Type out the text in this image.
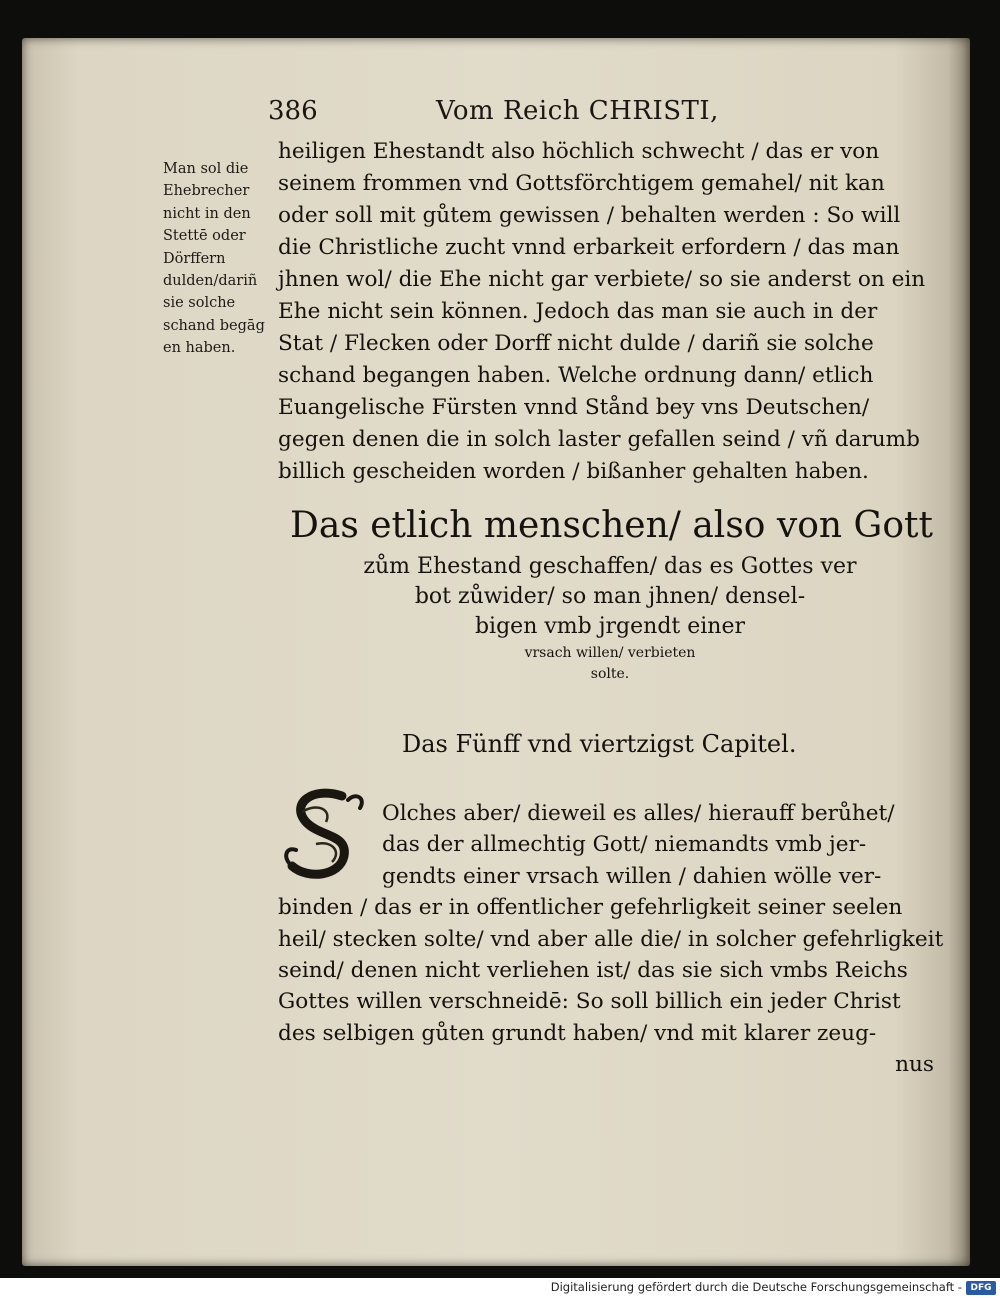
386	Vom Reich CHRISTI,
Man sol die
Ehebrecher
nicht in den
Stettē oder
Dörffern
dulden/dariñ
sie solche
schand begāg
en haben.
heiligen Ehestandt also höchlich schwecht / das er von
seinem frommen vnd Gottsförchtigem gemahel/ nit kan
oder soll mit gůtem gewissen / behalten werden : So will
die Christliche zucht vnnd erbarkeit erfordern / das man
jhnen wol/ die Ehe nicht gar verbiete/ so sie anderst on ein
Ehe nicht sein können. Jedoch das man sie auch in der
Stat / Flecken oder Dorff nicht dulde / dariñ sie solche
schand begangen haben. Welche ordnung dann/ etlich
Euangelische Fürsten vnnd Stånd bey vns Deutschen/
gegen denen die in solch laster gefallen seind / vñ darumb
billich gescheiden worden / bißanher gehalten haben.
Das etlich menschen/ also von Gott
zům Ehestand geschaffen/ das es Gottes ver
bot zůwider/ so man jhnen/ densel-
bigen vmb jrgendt einer
vrsach willen/ verbieten
solte.
Das Fünff vnd viertzigst Capitel.
S
Olches aber/ dieweil es alles/ hierauff berůhet/
das der allmechtig Gott/ niemandts vmb jer-
gendts einer vrsach willen / dahien wölle ver-
binden / das er in offentlicher gefehrligkeit seiner seelen
heil/ stecken solte/ vnd aber alle die/ in solcher gefehrligkeit
seind/ denen nicht verliehen ist/ das sie sich vmbs Reichs
Gottes willen verschneidē: So soll billich ein jeder Christ
des selbigen gůten grundt haben/ vnd mit klarer zeug-
nus
Digitalisierung gefördert durch die Deutsche Forschungsgemeinschaft - DFG
